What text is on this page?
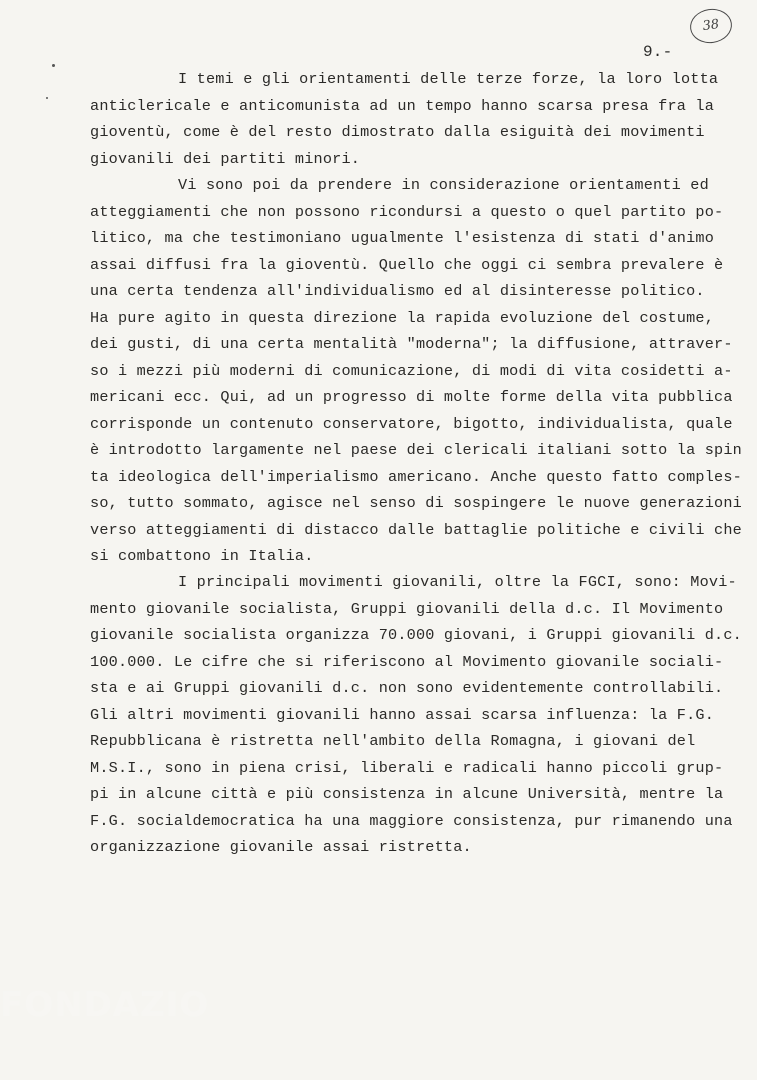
38
9.-
I temi e gli orientamenti delle terze forze, la loro lotta
anticlericale e anticomunista ad un tempo hanno scarsa presa fra la
gioventù, come è del resto dimostrato dalla esiguità dei movimenti
giovanili dei partiti minori.
Vi sono poi da prendere in considerazione orientamenti ed
atteggiamenti che non possono ricondursi a questo o quel partito po-
litico, ma che testimoniano ugualmente l'esistenza di stati d'animo
assai diffusi fra la gioventù. Quello che oggi ci sembra prevalere è
una certa tendenza all'individualismo ed al disinteresse politico.
Ha pure agito in questa direzione la rapida evoluzione del costume,
dei gusti, di una certa mentalità "moderna"; la diffusione, attraver-
so i mezzi più moderni di comunicazione, di modi di vita cosidetti a-
mericani ecc. Qui, ad un progresso di molte forme della vita pubblica
corrisponde un contenuto conservatore, bigotto, individualista, quale
è introdotto largamente nel paese dei clericali italiani sotto la spin
ta ideologica dell'imperialismo americano. Anche questo fatto comples-
so, tutto sommato, agisce nel senso di sospingere le nuove generazioni
verso atteggiamenti di distacco dalle battaglie politiche e civili che
si combattono in Italia.
I principali movimenti giovanili, oltre la FGCI, sono: Movi-
mento giovanile socialista, Gruppi giovanili della d.c. Il Movimento
giovanile socialista organizza 70.000 giovani, i Gruppi giovanili d.c.
100.000. Le cifre che si riferiscono al Movimento giovanile sociali-
sta e ai Gruppi giovanili d.c. non sono evidentemente controllabili.
Gli altri movimenti giovanili hanno assai scarsa influenza: la F.G.
Repubblicana è ristretta nell'ambito della Romagna, i giovani del
M.S.I., sono in piena crisi, liberali e radicali hanno piccoli grup-
pi in alcune città e più consistenza in alcune Università, mentre la
F.G. socialdemocratica ha una maggiore consistenza, pur rimanendo una
organizzazione giovanile assai ristretta.
FONDAZIO
